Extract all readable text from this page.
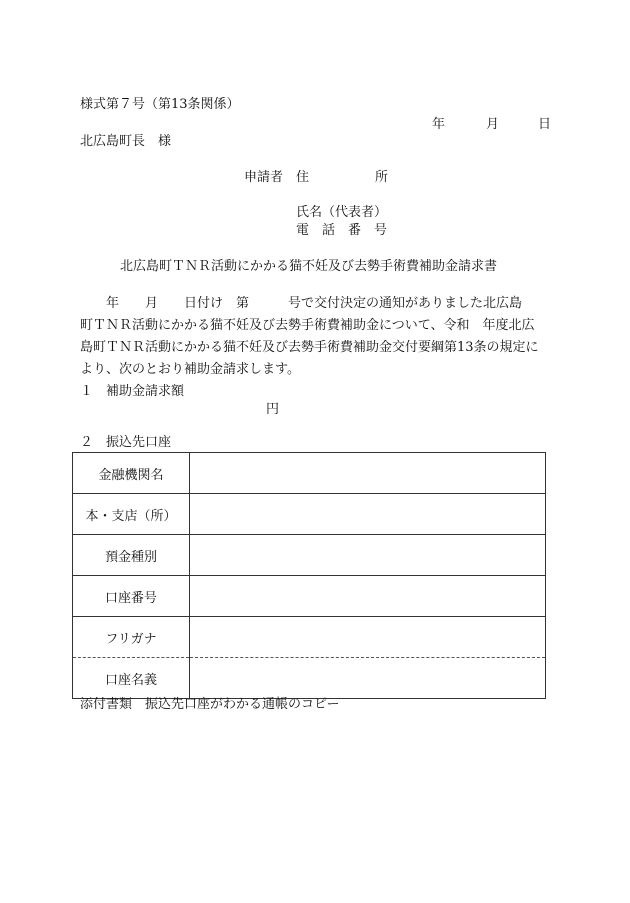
様式第７号（第13条関係）
年	月	日
北広島町長　様
申請者 住	所
氏名（代表者）
電　話　番　号
北広島町ＴＮＲ活動にかかる猫不妊及び去勢手術費補助金請求書
　　年　　月　　日付け　第　　　号で交付決定の通知がありました北広島
町ＴＮＲ活動にかかる猫不妊及び去勢手術費補助金について、令和　年度北広
島町ＴＮＲ活動にかかる猫不妊及び去勢手術費補助金交付要綱第13条の規定に
より、次のとおり補助金請求します。
１　補助金請求額
円
２　振込先口座
金融機関名	
本・支店（所）	
預金種別	
口座番号	
フリガナ	
口座名義	
添付書類　振込先口座がわかる通帳のコピー
